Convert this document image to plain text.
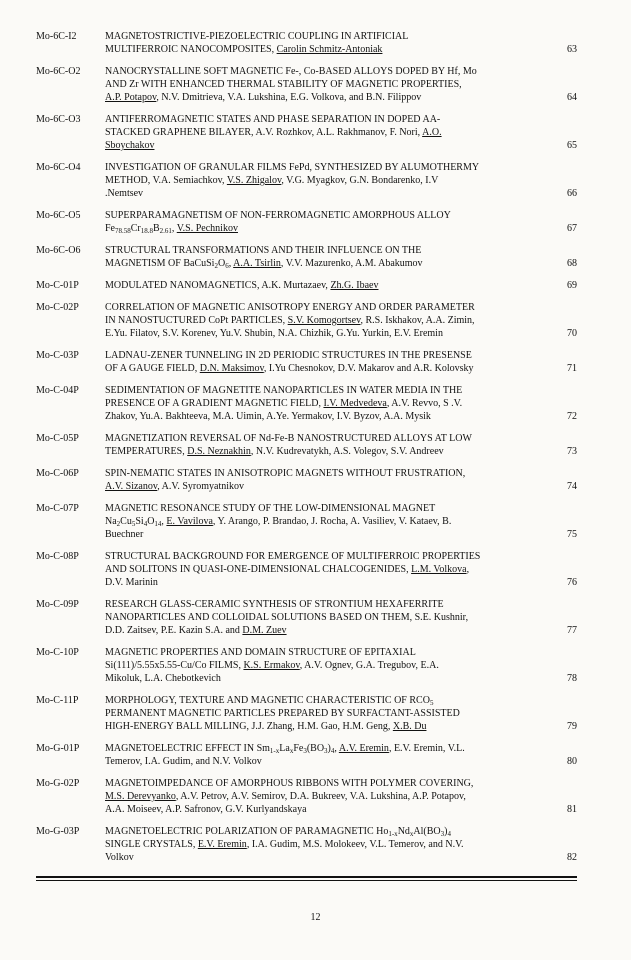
Mo-6C-I2	MAGNETOSTRICTIVE-PIEZOELECTRIC COUPLING IN ARTIFICIAL
MULTIFERROIC NANOCOMPOSITES, Carolin Schmitz-Antoniak	63
Mo-6C-O2	NANOCRYSTALLINE SOFT MAGNETIC Fe-, Co-BASED ALLOYS DOPED BY Hf, Mo
AND Zr WITH ENHANCED THERMAL STABILITY OF MAGNETIC PROPERTIES,
A.P. Potapov, N.V. Dmitrieva, V.A. Lukshina, E.G. Volkova, and B.N. Filippov	64
Mo-6C-O3	ANTIFERROMAGNETIC STATES AND PHASE SEPARATION IN DOPED AA-
STACKED GRAPHENE BILAYER, A.V. Rozhkov, A.L. Rakhmanov, F. Nori, A.O.
Sboychakov	65
Mo-6C-O4	INVESTIGATION OF GRANULAR FILMS FePd, SYNTHESIZED BY ALUMOTHERMY
METHOD, V.A. Semiachkov, V.S. Zhigalov, V.G. Myagkov, G.N. Bondarenko, I.V
.Nemtsev	66
Mo-6C-O5	SUPERPARAMAGNETISM OF NON-FERROMAGNETIC AMORPHOUS ALLOY
$Fe_{78.58}Cr_{18.8}B_{2.61}$, V.S. Pechnikov	67
Mo-6C-O6	STRUCTURAL TRANSFORMATIONS AND THEIR INFLUENCE ON THE
MAGNETISM OF $BaCuSi_2O_6$, A.A. Tsirlin, V.V. Mazurenko, A.M. Abakumov	68
Mo-C-01P	MODULATED NANOMAGNETICS, A.K. Murtazaev, Zh.G. Ibaev	69
Mo-C-02P	CORRELATION OF MAGNETIC ANISOTROPY ENERGY AND ORDER PARAMETER
IN NANOSTUCTURED CoPt PARTICLES, S.V. Komogortsev, R.S. Iskhakov, A.A. Zimin,
E.Yu. Filatov, S.V. Korenev, Yu.V. Shubin, N.A. Chizhik, G.Yu. Yurkin, E.V. Eremin	70
Mo-C-03P	LADNAU-ZENER TUNNELING IN 2D PERIODIC STRUCTURES IN THE PRESENSE
OF A GAUGE FIELD, D.N. Maksimov, I.Yu Chesnokov, D.V. Makarov and A.R. Kolovsky	71
Mo-C-04P	SEDIMENTATION OF MAGNETITE NANOPARTICLES IN WATER MEDIA IN THE
PRESENCE OF A GRADIENT MAGNETIC FIELD, I.V. Medvedeva, A.V. Revvo, S .V.
Zhakov, Yu.A. Bakhteeva, M.A. Uimin, A.Ye. Yermakov, I.V. Byzov, A.A. Mysik	72
Mo-C-05P	MAGNETIZATION REVERSAL OF Nd-Fe-B NANOSTRUCTURED ALLOYS AT LOW
TEMPERATURES, D.S. Neznakhin, N.V. Kudrevatykh, A.S. Volegov, S.V. Andreev	73
Mo-C-06P	SPIN-NEMATIC STATES IN ANISOTROPIC MAGNETS WITHOUT FRUSTRATION,
A.V. Sizanov, A.V. Syromyatnikov	74
Mo-C-07P	MAGNETIC RESONANCE STUDY OF THE LOW-DIMENSIONAL MAGNET
$Na_2Cu_5Si_4O_{14}$, E. Vavilova, Y. Arango, P. Brandao, J. Rocha, A. Vasiliev, V. Kataev, B.
Buechner	75
Mo-C-08P	STRUCTURAL BACKGROUND FOR EMERGENCE OF MULTIFERROIC PROPERTIES
AND SOLITONS IN QUASI-ONE-DIMENSIONAL CHALCOGENIDES, L.M. Volkova,
D.V. Marinin	76
Mo-C-09P	RESEARCH GLASS-CERAMIC SYNTHESIS OF STRONTIUM HEXAFERRITE
NANOPARTICLES AND COLLOIDAL SOLUTIONS BASED ON THEM, S.E. Kushnir,
D.D. Zaitsev, P.E. Kazin S.A. and D.M. Zuev	77
Mo-C-10P	MAGNETIC PROPERTIES AND DOMAIN STRUCTURE OF EPITAXIAL
Si(111)/5.55x5.55-Cu/Co FILMS, K.S. Ermakov, A.V. Ognev, G.A. Tregubov, E.A.
Mikoluk, L.A. Chebotkevich	78
Mo-C-11P	MORPHOLOGY, TEXTURE AND MAGNETIC CHARACTERISTIC OF $RCO_5$
PERMANENT MAGNETIC PARTICLES PREPARED BY SURFACTANT-ASSISTED
HIGH-ENERGY BALL MILLING, J.J. Zhang, H.M. Gao, H.M. Geng, X.B. Du	79
Mo-G-01P	MAGNETOELECTRIC EFFECT IN $Sm_{1-x}La_xFe_3(BO_3)_4$, A.V. Eremin, E.V. Eremin, V.L.
Temerov, I.A. Gudim, and N.V. Volkov	80
Mo-G-02P	MAGNETOIMPEDANCE OF AMORPHOUS RIBBONS WITH POLYMER COVERING,
M.S. Derevyanko, A.V. Petrov, A.V. Semirov, D.A. Bukreev, V.A. Lukshina, A.P. Potapov,
A.A. Moiseev, A.P. Safronov, G.V. Kurlyandskaya	81
Mo-G-03P	MAGNETOELECTRIC POLARIZATION OF PARAMAGNETIC $Ho_{1-x}Nd_xAl(BO_3)_4$
SINGLE CRYSTALS, E.V. Eremin, I.A. Gudim, M.S. Molokeev, V.L. Temerov, and N.V.
Volkov	82
12
